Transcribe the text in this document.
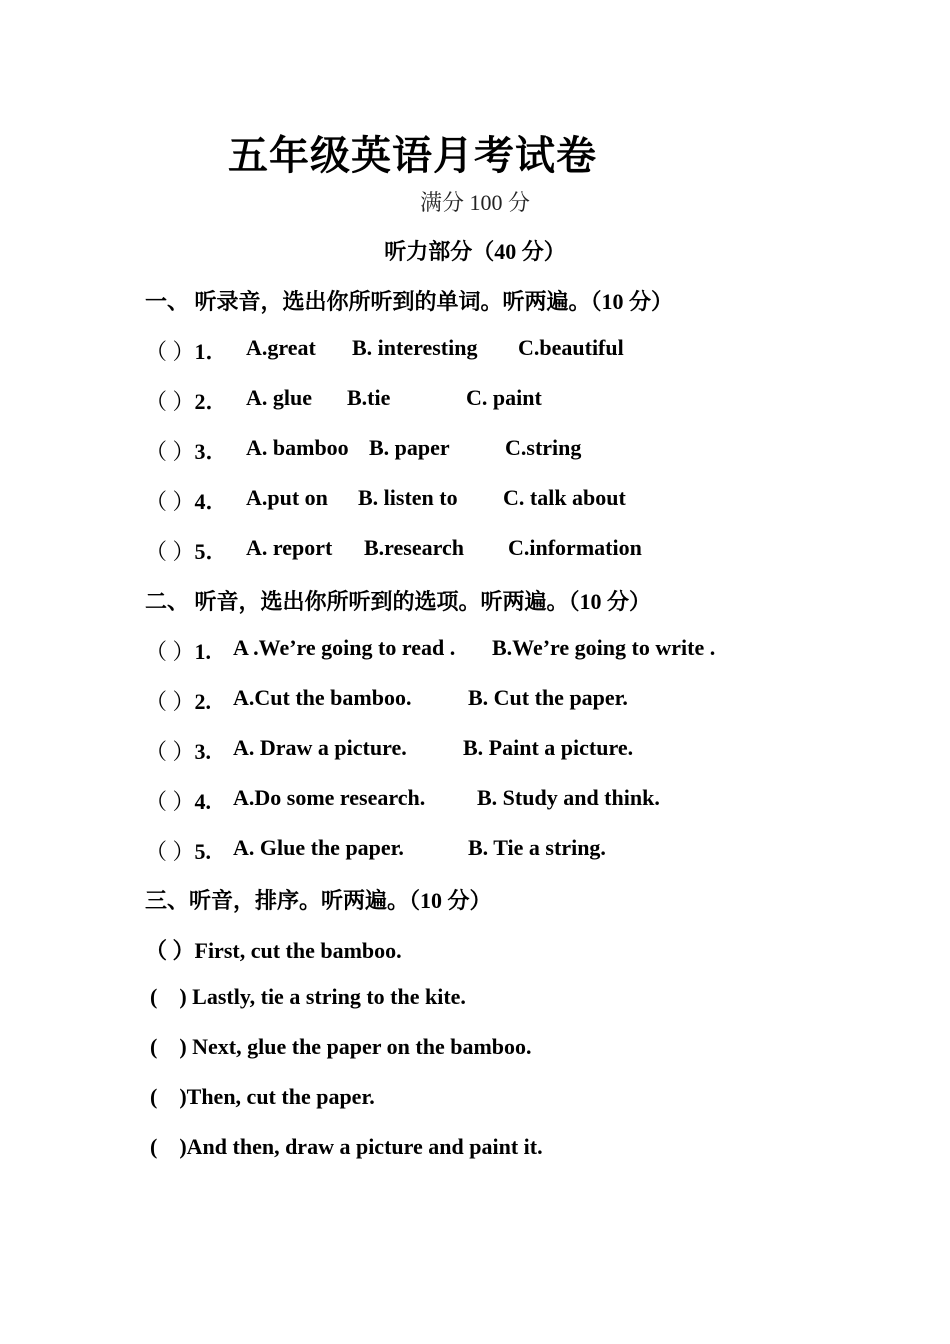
五年级英语月考试卷
满分 100 分
听力部分（40 分）
一、 听录音，选出你所听到的单词。听两遍。（10 分）
（ ）1． A.great B. interesting C.beautiful
（ ）2． A. glue B.tie	C. paint
（ ）3． A. bamboo B. paper	C.string
（ ）4． A.put on B. listen to C. talk about
（ ）5． A. report B.research C.information
二、 听音，选出你所听到的选项。听两遍。（10 分）
（ ）1. A .We’re going to read . B.We’re going to write .
（ ）2. A.Cut the bamboo.	B. Cut the paper.
（ ）3. A. Draw a picture.	B. Paint a picture.
（ ）4. A.Do some research. B. Study and think.
（ ）5. A. Glue the paper.	B. Tie a string.
三、听音，排序。听两遍。（10 分）
（ ）First, cut the bamboo.
(    ) Lastly, tie a string to the kite.
(    ) Next, glue the paper on the bamboo.
(    )Then, cut the paper.
(    )And then, draw a picture and paint it.
